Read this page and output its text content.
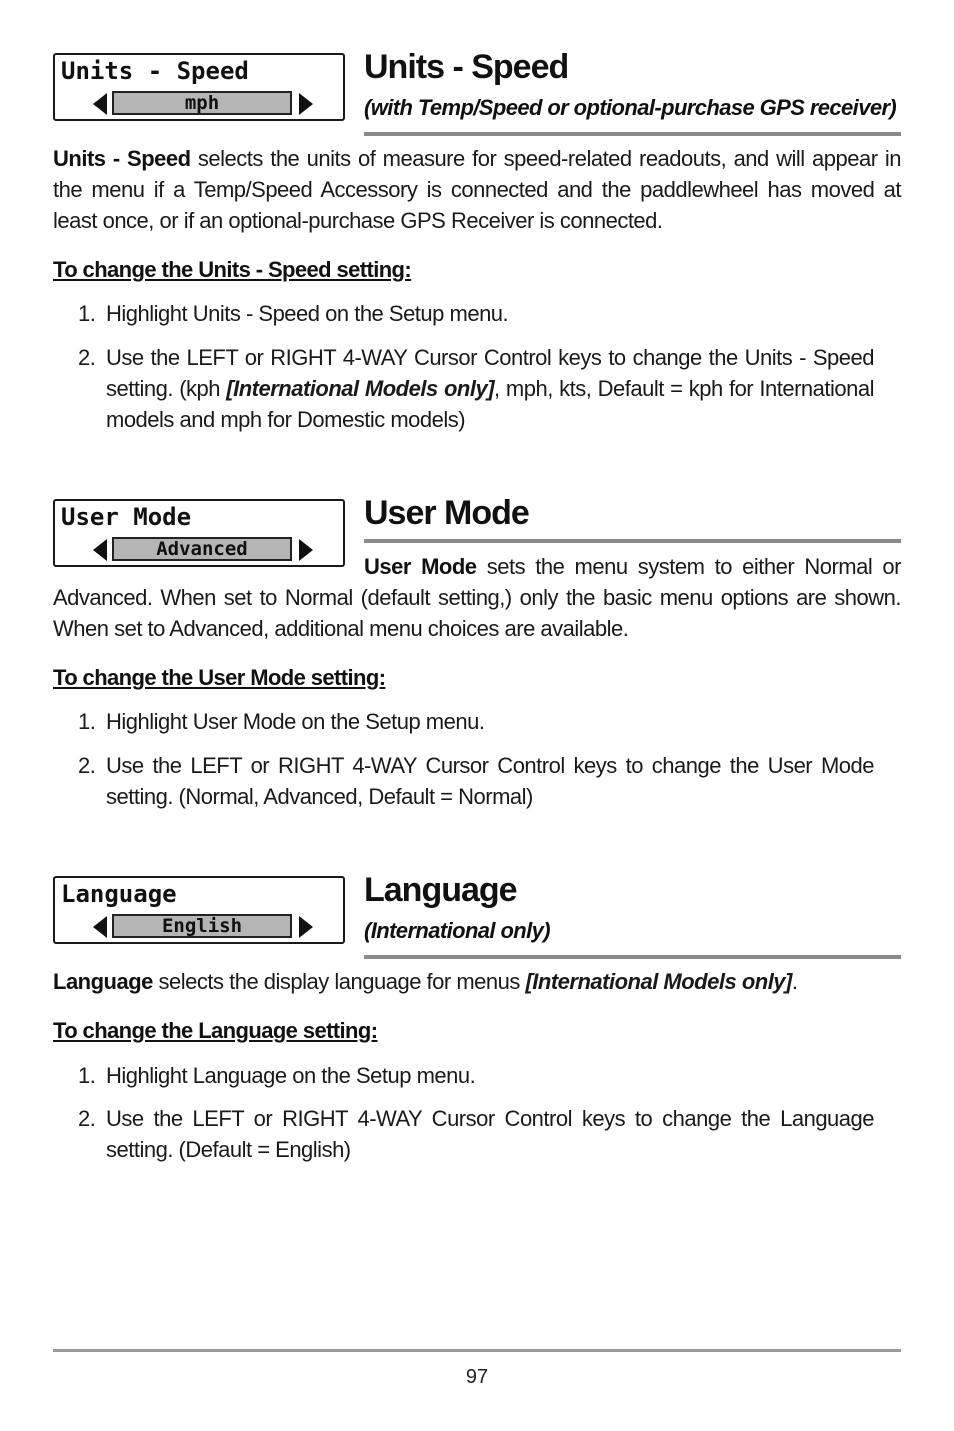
Units - Speed
mph
Units - Speed
(with Temp/Speed or optional-purchase GPS receiver)
Units - Speed selects the units of measure for speed-related readouts, and will appear in the menu if a Temp/Speed Accessory is connected and the paddlewheel has moved at least once, or if an optional-purchase GPS Receiver is connected.
To change the Units - Speed setting:
1. Highlight Units - Speed on the Setup menu.
2. Use the LEFT or RIGHT 4-WAY Cursor Control keys to change the Units - Speed setting. (kph [International Models only], mph, kts, Default = kph for International models and mph for Domestic models)
User Mode
Advanced
User Mode
User Mode sets the menu system to either Normal or Advanced. When set to Normal (default setting,) only the basic menu options are shown. When set to Advanced, additional menu choices are available.
To change the User Mode setting:
1. Highlight User Mode on the Setup menu.
2. Use the LEFT or RIGHT 4-WAY Cursor Control keys to change the User Mode setting. (Normal, Advanced, Default = Normal)
Language
English
Language
(International only)
Language selects the display language for menus [International Models only].
To change the Language setting:
1. Highlight Language on the Setup menu.
2. Use the LEFT or RIGHT 4-WAY Cursor Control keys to change the Language setting. (Default = English)
97
